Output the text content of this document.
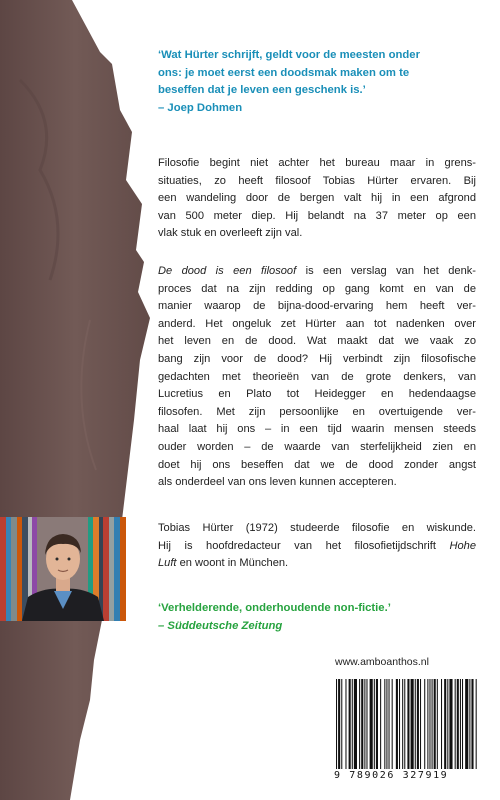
‘Wat Hürter schrijft, geldt voor de meesten onder
ons: je moet eerst een doodsmak maken om te
beseffen dat je leven een geschenk is.’
– Joep Dohmen
Filosofie begint niet achter het bureau maar in grens-
situaties, zo heeft filosoof Tobias Hürter ervaren. Bij
een wandeling door de bergen valt hij in een afgrond
van 500 meter diep. Hij belandt na 37 meter op een
vlak stuk en overleeft zijn val.
De dood is een filosoof is een verslag van het denk-
proces dat na zijn redding op gang komt en van de
manier waarop de bijna-dood-ervaring hem heeft ver-
anderd. Het ongeluk zet Hürter aan tot nadenken over
het leven en de dood. Wat maakt dat we vaak zo
bang zijn voor de dood? Hij verbindt zijn filosofische
gedachten met theorieën van de grote denkers, van
Lucretius en Plato tot Heidegger en hedendaagse
filosofen. Met zijn persoonlijke en overtuigende ver-
haal laat hij ons – in een tijd waarin mensen steeds
ouder worden – de waarde van sterfelijkheid zien en
doet hij ons beseffen dat we de dood zonder angst
als onderdeel van ons leven kunnen accepteren.
Tobias Hürter (1972) studeerde filosofie en wiskunde.
Hij is hoofdredacteur van het filosofietijdschrift Hohe
Luft en woont in München.
‘Verhelderende, onderhoudende non-fictie.’
– Süddeutsche Zeitung
www.amboanthos.nl
9 789026 327919
